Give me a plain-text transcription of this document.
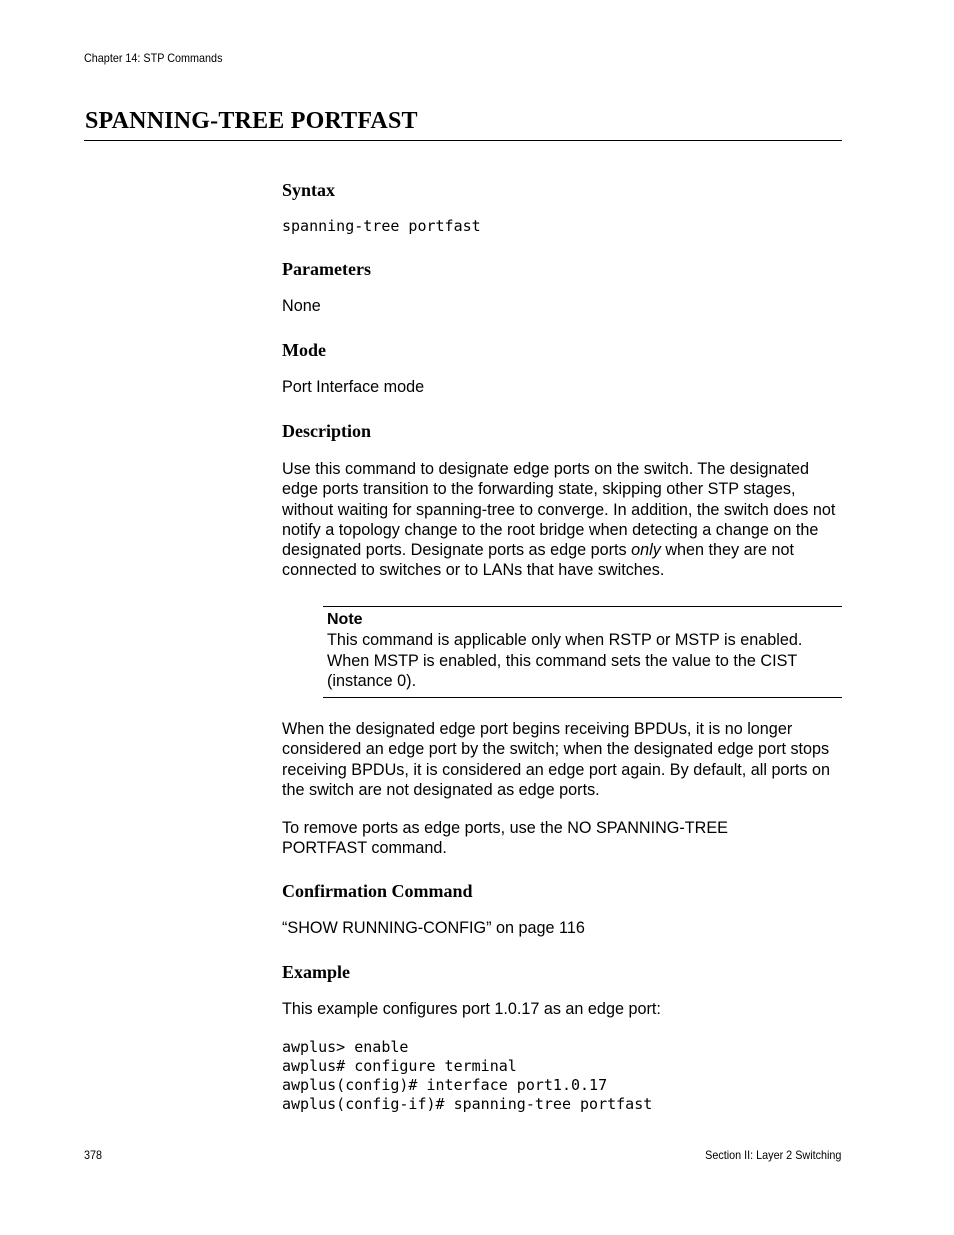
Chapter 14: STP Commands
SPANNING-TREE PORTFAST
Syntax

spanning-tree portfast

Parameters

None

Mode

Port Interface mode

Description

Use this command to designate edge ports on the switch. The designated edge ports transition to the forwarding state, skipping other STP stages, without waiting for spanning-tree to converge. In addition, the switch does not notify a topology change to the root bridge when detecting a change on the designated ports. Designate ports as edge ports only when they are not connected to switches or to LANs that have switches.

Note

This command is applicable only when RSTP or MSTP is enabled. When MSTP is enabled, this command sets the value to the CIST (instance 0).

When the designated edge port begins receiving BPDUs, it is no longer considered an edge port by the switch; when the designated edge port stops receiving BPDUs, it is considered an edge port again. By default, all ports on the switch are not designated as edge ports.

To remove ports as edge ports, use the NO SPANNING-TREE PORTFAST command.

Confirmation Command

“SHOW RUNNING-CONFIG” on page 116

Example

This example configures port 1.0.17 as an edge port:

awplus> enable
awplus# configure terminal
awplus(config)# interface port1.0.17
awplus(config-if)# spanning-tree portfast
378	Section II: Layer 2 Switching
